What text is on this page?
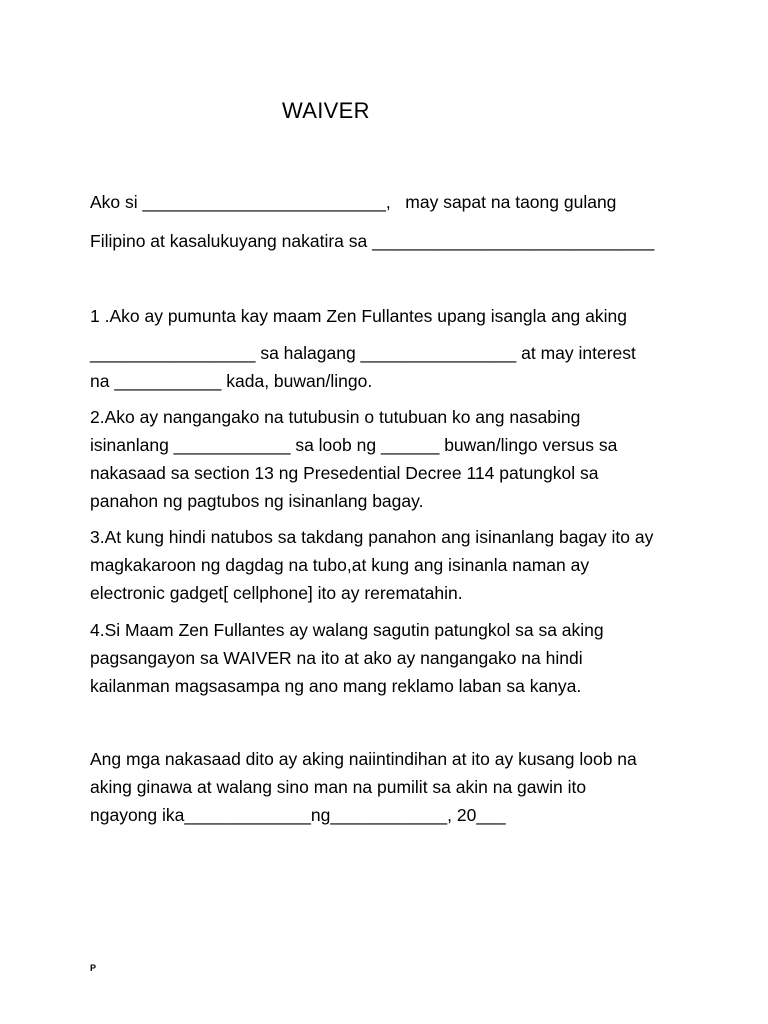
WAIVER
Ako si _________________________,   may sapat na taong gulang
Filipino at kasalukuyang nakatira sa _____________________________
1 .Ako ay pumunta kay maam Zen Fullantes upang isangla ang aking
_________________ sa halagang ________________ at may interest
na ___________ kada, buwan/lingo.
2.Ako ay nangangako na tutubusin o tutubuan ko ang nasabing
isinanlang ____________ sa loob ng ______ buwan/lingo versus sa
nakasaad sa section 13 ng Presedential Decree 114 patungkol sa
panahon ng pagtubos ng isinanlang bagay.
3.At kung hindi natubos sa takdang panahon ang isinanlang bagay ito ay
magkakaroon ng dagdag na tubo,at kung ang isinanla naman ay
electronic gadget[ cellphone] ito ay rerematahin.
4.Si Maam Zen Fullantes ay walang sagutin patungkol sa sa aking
pagsangayon sa WAIVER na ito at ako ay nangangako na hindi
kailanman magsasampa ng ano mang reklamo laban sa kanya.
Ang mga nakasaad dito ay aking naiintindihan at ito ay kusang loob na
aking ginawa at walang sino man na pumilit sa akin na gawin ito
ngayong ika_____________ng____________, 20___
P
